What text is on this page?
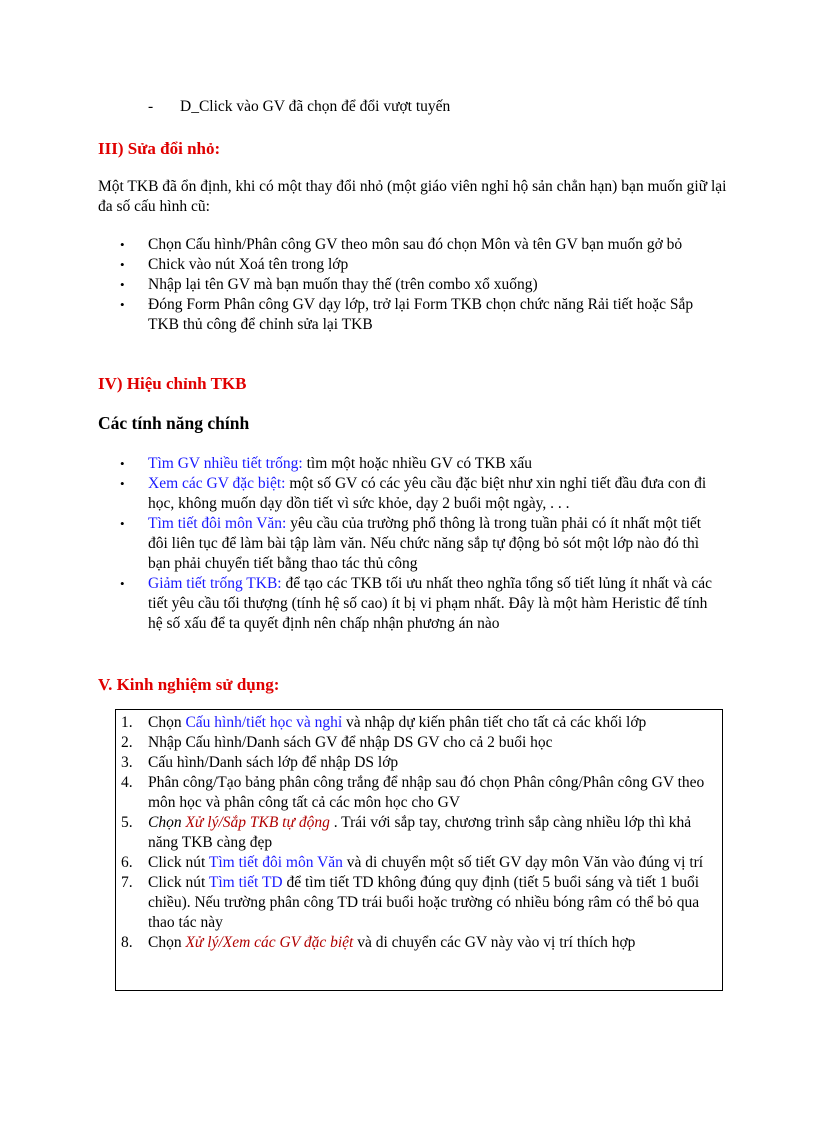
- D_Click vào GV đã chọn để đổi vượt tuyến
III) Sửa đổi nhỏ:

Một TKB đã ổn định, khi có một thay đổi nhỏ (một giáo viên nghỉ hộ sản chẳn hạn) bạn muốn giữ lại đa số cấu hình cũ:

• Chọn Cấu hình/Phân công GV theo môn sau đó chọn Môn và tên GV bạn muốn gở bỏ
• Chick vào nút Xoá tên trong lớp
• Nhập lại tên GV mà bạn muốn thay thế (trên combo xổ xuống)
• Đóng Form Phân công GV dạy lớp, trở lại Form TKB chọn chức năng Rải tiết hoặc Sắp TKB thủ công để chỉnh sửa lại TKB
IV) Hiệu chỉnh TKB
Các tính năng chính
• Tìm GV nhiều tiết trống: tìm một hoặc nhiều GV có TKB xấu
• Xem các GV đặc biệt: một số GV có các yêu cầu đặc biệt như xin nghỉ tiết đầu đưa con đi học, không muốn dạy dồn tiết vì sức khỏe, dạy 2 buổi một ngày, . . .
• Tìm tiết đôi môn Văn: yêu cầu của trường phổ thông là trong tuần phải có ít nhất một tiết đôi liên tục để làm bài tập làm văn. Nếu chức năng sắp tự động bỏ sót một lớp nào đó thì bạn phải chuyển tiết bằng thao tác thủ công
• Giảm tiết trống TKB: để tạo các TKB tối ưu nhất theo nghĩa tổng số tiết lủng ít nhất và các tiết yêu cầu tối thượng (tính hệ số cao) ít bị vi phạm nhất. Đây là một hàm Heristic để tính hệ số xấu để ta quyết định nên chấp nhận phương án nào
V. Kinh nghiệm sử dụng:
1. Chọn Cấu hình/tiết học và nghỉ và nhập dự kiến phân tiết cho tất cả các khối lớp
2. Nhập Cấu hình/Danh sách GV để nhập DS GV cho cả 2 buổi học
3. Cấu hình/Danh sách lớp để nhập DS lớp
4. Phân công/Tạo bảng phân công trắng để nhập sau đó chọn Phân công/Phân công GV theo môn học và phân công tất cả các môn học cho GV
5. Chọn Xử lý/Sắp TKB tự động . Trái với sắp tay, chương trình sắp càng nhiều lớp thì khả năng TKB càng đẹp
6. Click nút Tìm tiết đôi môn Văn và di chuyển một số tiết GV dạy môn Văn vào đúng vị trí
7. Click nút Tìm tiết TD để tìm tiết TD không đúng quy định (tiết 5 buổi sáng và tiết 1 buổi chiều). Nếu trường phân công TD trái buổi hoặc trường có nhiều bóng râm có thể bỏ qua thao tác này
8. Chọn Xử lý/Xem các GV đặc biệt và di chuyển các GV này vào vị trí thích hợp
